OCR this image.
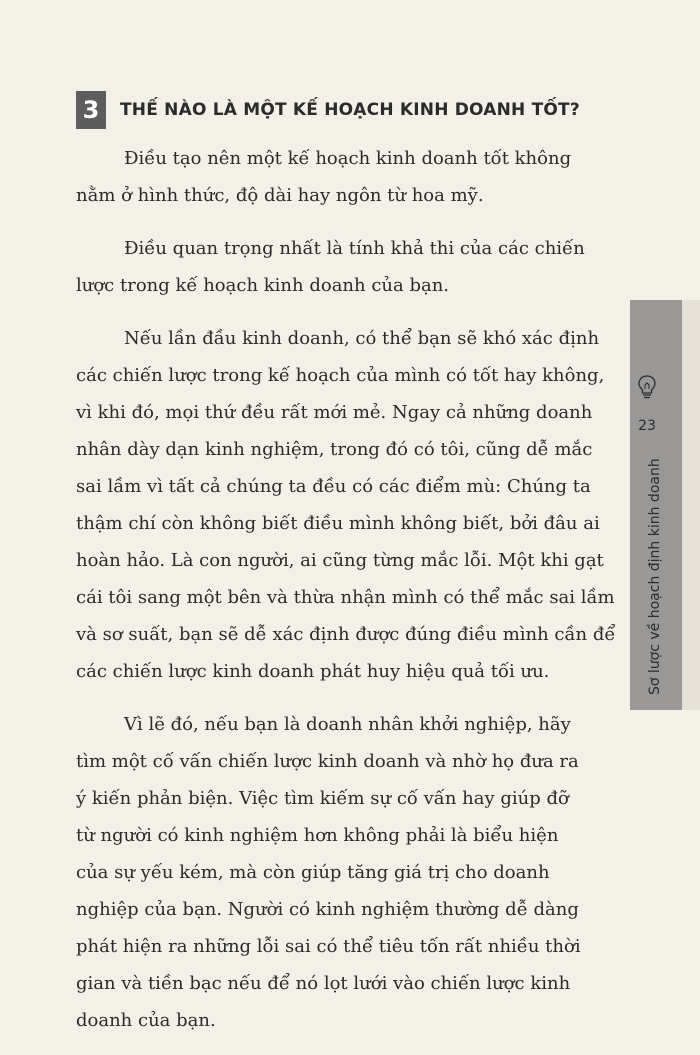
3	THẾ NÀO LÀ MỘT KẾ HOẠCH KINH DOANH TỐT?

Điều tạo nên một kế hoạch kinh doanh tốt không
nằm ở hình thức, độ dài hay ngôn từ hoa mỹ.

Điều quan trọng nhất là tính khả thi của các chiến
lược trong kế hoạch kinh doanh của bạn.

Nếu lần đầu kinh doanh, có thể bạn sẽ khó xác định
các chiến lược trong kế hoạch của mình có tốt hay không,
vì khi đó, mọi thứ đều rất mới mẻ. Ngay cả những doanh
nhân dày dạn kinh nghiệm, trong đó có tôi, cũng dễ mắc
sai lầm vì tất cả chúng ta đều có các điểm mù: Chúng ta
thậm chí còn không biết điều mình không biết, bởi đâu ai
hoàn hảo. Là con người, ai cũng từng mắc lỗi. Một khi gạt
cái tôi sang một bên và thừa nhận mình có thể mắc sai lầm
và sơ suất, bạn sẽ dễ xác định được đúng điều mình cần để
các chiến lược kinh doanh phát huy hiệu quả tối ưu.

Vì lẽ đó, nếu bạn là doanh nhân khởi nghiệp, hãy
tìm một cố vấn chiến lược kinh doanh và nhờ họ đưa ra
ý kiến phản biện. Việc tìm kiếm sự cố vấn hay giúp đỡ
từ người có kinh nghiệm hơn không phải là biểu hiện
của sự yếu kém, mà còn giúp tăng giá trị cho doanh
nghiệp của bạn. Người có kinh nghiệm thường dễ dàng
phát hiện ra những lỗi sai có thể tiêu tốn rất nhiều thời
gian và tiền bạc nếu để nó lọt lưới vào chiến lược kinh
doanh của bạn.

23
Sơ lược về hoạch định kinh doanh
